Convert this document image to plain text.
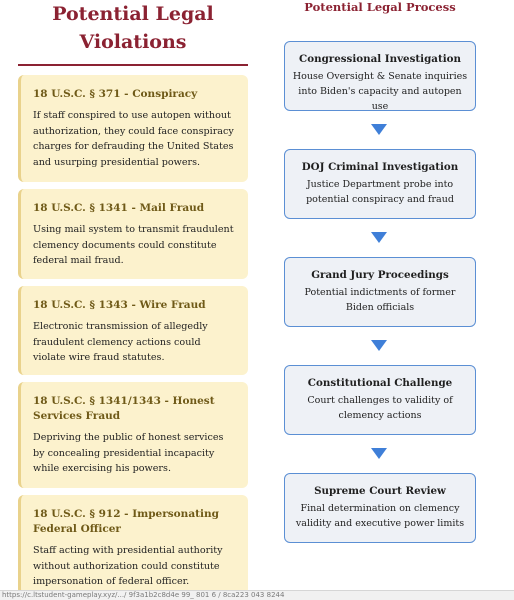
Potential Legal
Violations

18 U.S.C. § 371 - Conspiracy

If staff conspired to use autopen without authorization, they could face conspiracy charges for defrauding the United States and usurping presidential powers.

18 U.S.C. § 1341 - Mail Fraud

Using mail system to transmit fraudulent clemency documents could constitute federal mail fraud.

18 U.S.C. § 1343 - Wire Fraud

Electronic transmission of allegedly fraudulent clemency actions could violate wire fraud statutes.

18 U.S.C. § 1341/1343 - Honest Services Fraud

Depriving the public of honest services by concealing presidential incapacity while exercising his powers.

18 U.S.C. § 912 - Impersonating Federal Officer

Staff acting with presidential authority without authorization could constitute impersonation of federal officer.

Potential Legal Process

Congressional Investigation

House Oversight & Senate inquiries into Biden's capacity and autopen use

DOJ Criminal Investigation

Justice Department probe into potential conspiracy and fraud

Grand Jury Proceedings

Potential indictments of former Biden officials

Constitutional Challenge

Court challenges to validity of clemency actions

Supreme Court Review

Final determination on clemency validity and executive power limits

https://c.ltstudent-gameplay.xyz/.../ 9f3a1b2c8d4e 99_ 801 6 / 8ca223 043 8244
